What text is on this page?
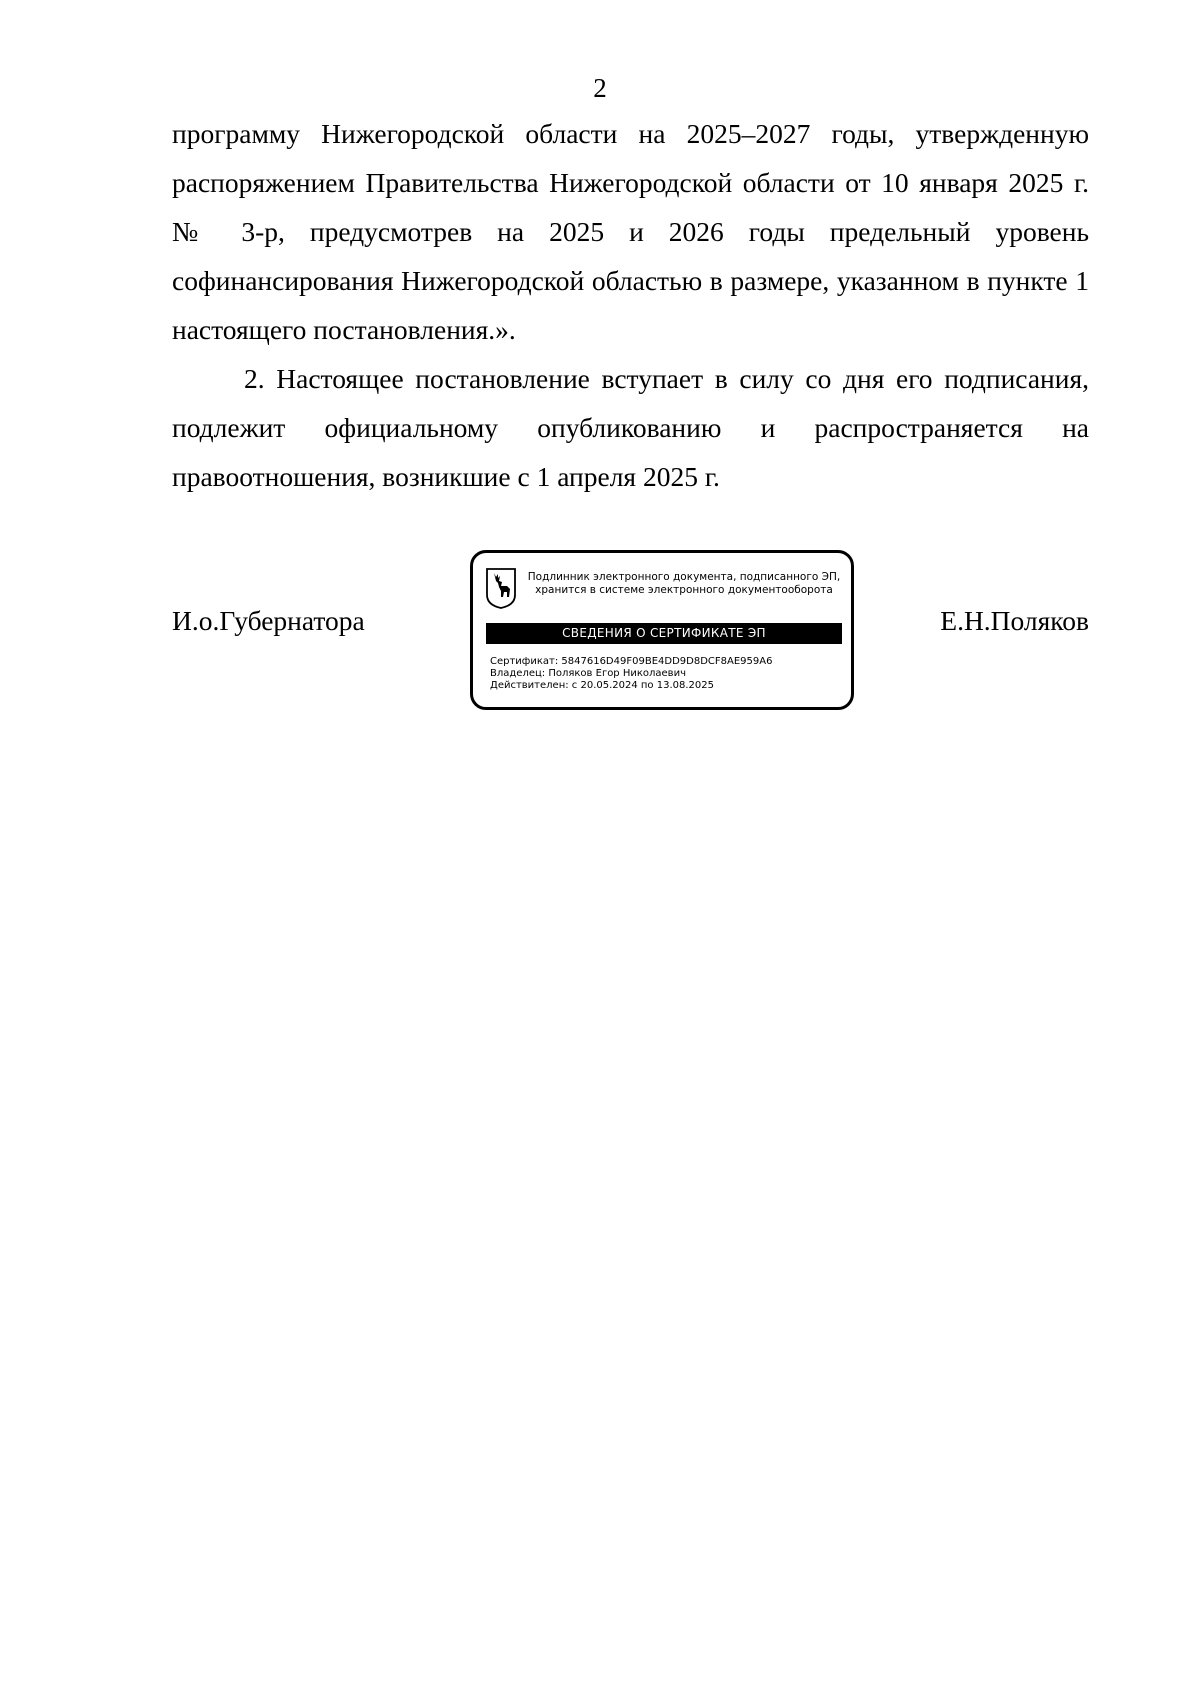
2

программу Нижегородской области на 2025–2027 годы, утвержденную распоряжением Правительства Нижегородской области от 10 января 2025 г. № 3-р, предусмотрев на 2025 и 2026 годы предельный уровень софинансирования Нижегородской областью в размере, указанном в пункте 1 настоящего постановления.».

2. Настоящее постановление вступает в силу со дня его подписания, подлежит официальному опубликованию и распространяется на правоотношения, возникшие с 1 апреля 2025 г.

И.о.Губернатора
Подлинник электронного документа, подписанного ЭП,
хранится в системе электронного документооборота
СВЕДЕНИЯ О СЕРТИФИКАТЕ ЭП
Сертификат: 5847616D49F09BE4DD9D8DCF8AE959A6
Владелец: Поляков Егор Николаевич
Действителен: с 20.05.2024 по 13.08.2025
Е.Н.Поляков
